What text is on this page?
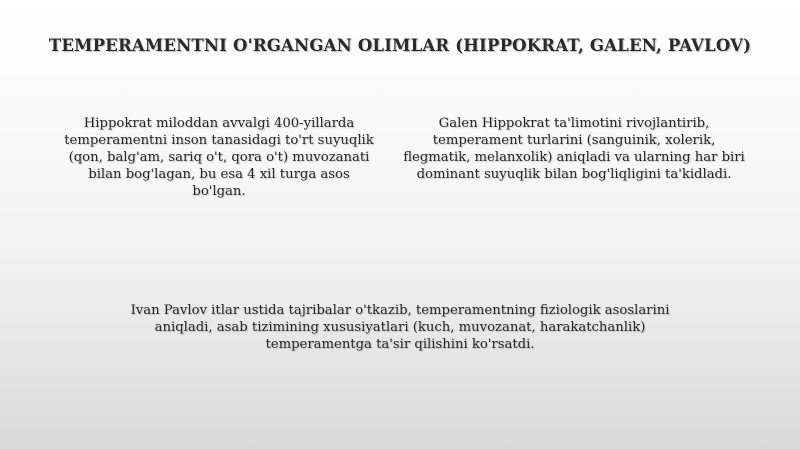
TEMPERAMENTNI O'RGANGAN OLIMLAR (HIPPOKRAT, GALEN, PAVLOV)
Hippokrat miloddan avvalgi 400-yillarda temperamentni inson tanasidagi to'rt suyuqlik (qon, balg'am, sariq o't, qora o't) muvozanati bilan bog'lagan, bu esa 4 xil turga asos bo'lgan.
Galen Hippokrat ta'limotini rivojlantirib, temperament turlarini (sanguinik, xolerik, flegmatik, melanxolik) aniqladi va ularning har biri dominant suyuqlik bilan bog'liqligini ta'kidladi.
Ivan Pavlov itlar ustida tajribalar o'tkazib, temperamentning fiziologik asoslarini aniqladi, asab tizimining xususiyatlari (kuch, muvozanat, harakatchanlik) temperamentga ta'sir qilishini ko'rsatdi.
